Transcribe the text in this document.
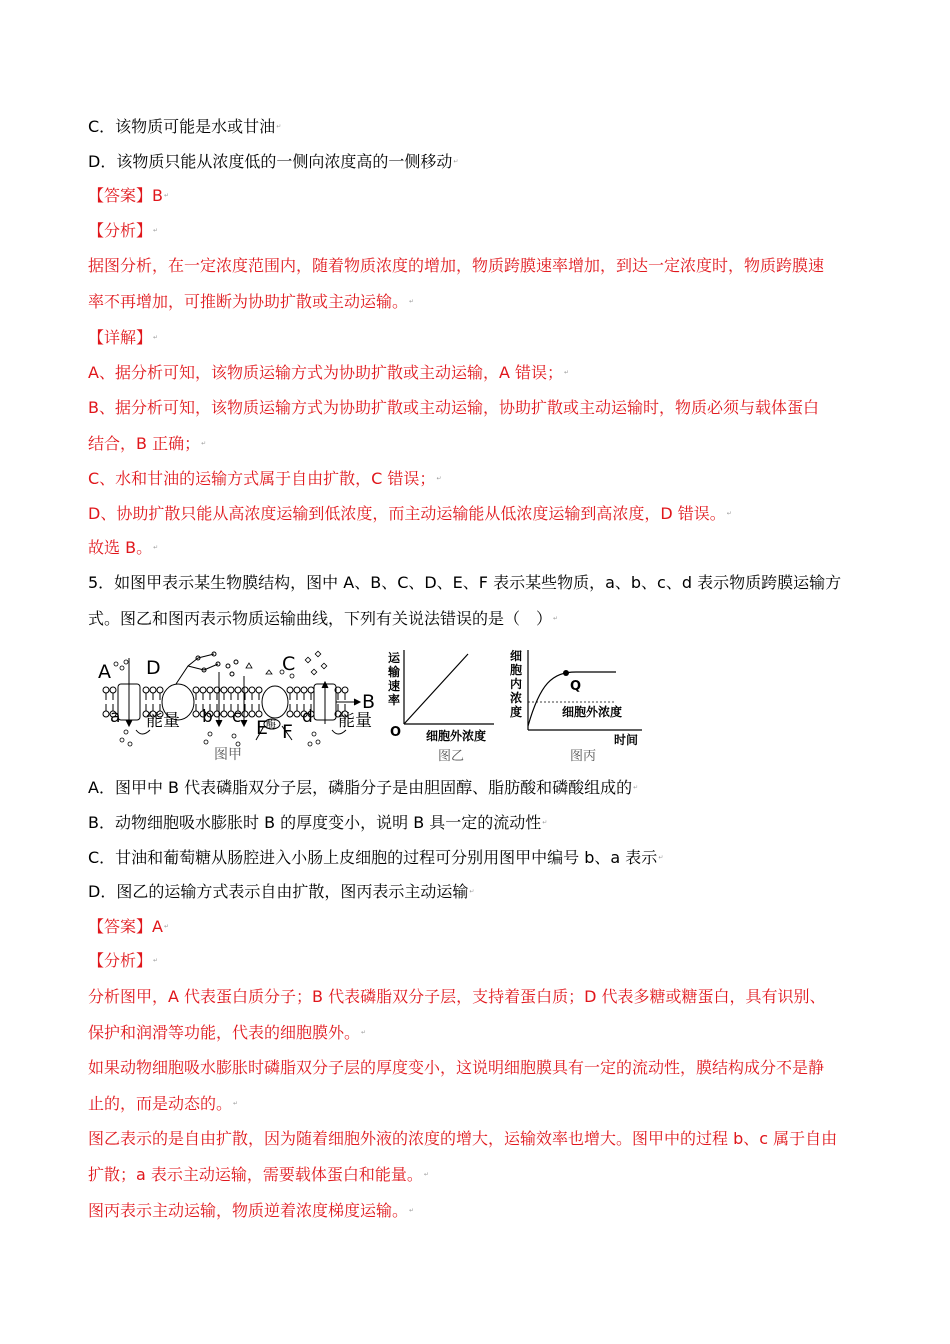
C．该物质可能是水或甘油↵
D．该物质只能从浓度低的一侧向浓度高的一侧移动↵
【答案】B↵
【分析】↵
据图分析，在一定浓度范围内，随着物质浓度的增加，物质跨膜速率增加，到达一定浓度时，物质跨膜速
率不再增加，可推断为协助扩散或主动运输。↵
【详解】↵
A、据分析可知，该物质运输方式为协助扩散或主动运输，A 错误；↵
B、据分析可知，该物质运输方式为协助扩散或主动运输，协助扩散或主动运输时，物质必须与载体蛋白
结合，B 正确；↵
C、水和甘油的运输方式属于自由扩散，C 错误；↵
D、协助扩散只能从高浓度运输到低浓度，而主动运输能从低浓度运输到高浓度，D 错误。↵
故选 B。↵
5．如图甲表示某生物膜结构，图中 A、B、C、D、E、F 表示某些物质，a、b、c、d 表示物质跨膜运输方
式。图乙和图丙表示物质运输曲线，下列有关说法错误的是（　）↵
A D	C
B
E F
a	b c	d
能量	能量
酶
图甲
运
输
速
率
O 细胞外浓度
图乙
细
胞
内
浓
度
Q
细胞外浓度
时间
图丙
A．图甲中 B 代表磷脂双分子层，磷脂分子是由胆固醇、脂肪酸和磷酸组成的↵
B．动物细胞吸水膨胀时 B 的厚度变小，说明 B 具一定的流动性↵
C．甘油和葡萄糖从肠腔进入小肠上皮细胞的过程可分别用图甲中编号 b、a 表示↵
D．图乙的运输方式表示自由扩散，图丙表示主动运输↵
【答案】A↵
【分析】↵
分析图甲，A 代表蛋白质分子；B 代表磷脂双分子层，支持着蛋白质；D 代表多糖或糖蛋白，具有识别、
保护和润滑等功能，代表的细胞膜外。↵
如果动物细胞吸水膨胀时磷脂双分子层的厚度变小，这说明细胞膜具有一定的流动性，膜结构成分不是静
止的，而是动态的。↵
图乙表示的是自由扩散，因为随着细胞外液的浓度的增大，运输效率也增大。图甲中的过程 b、c 属于自由
扩散；a 表示主动运输，需要载体蛋白和能量。↵
图丙表示主动运输，物质逆着浓度梯度运输。↵
